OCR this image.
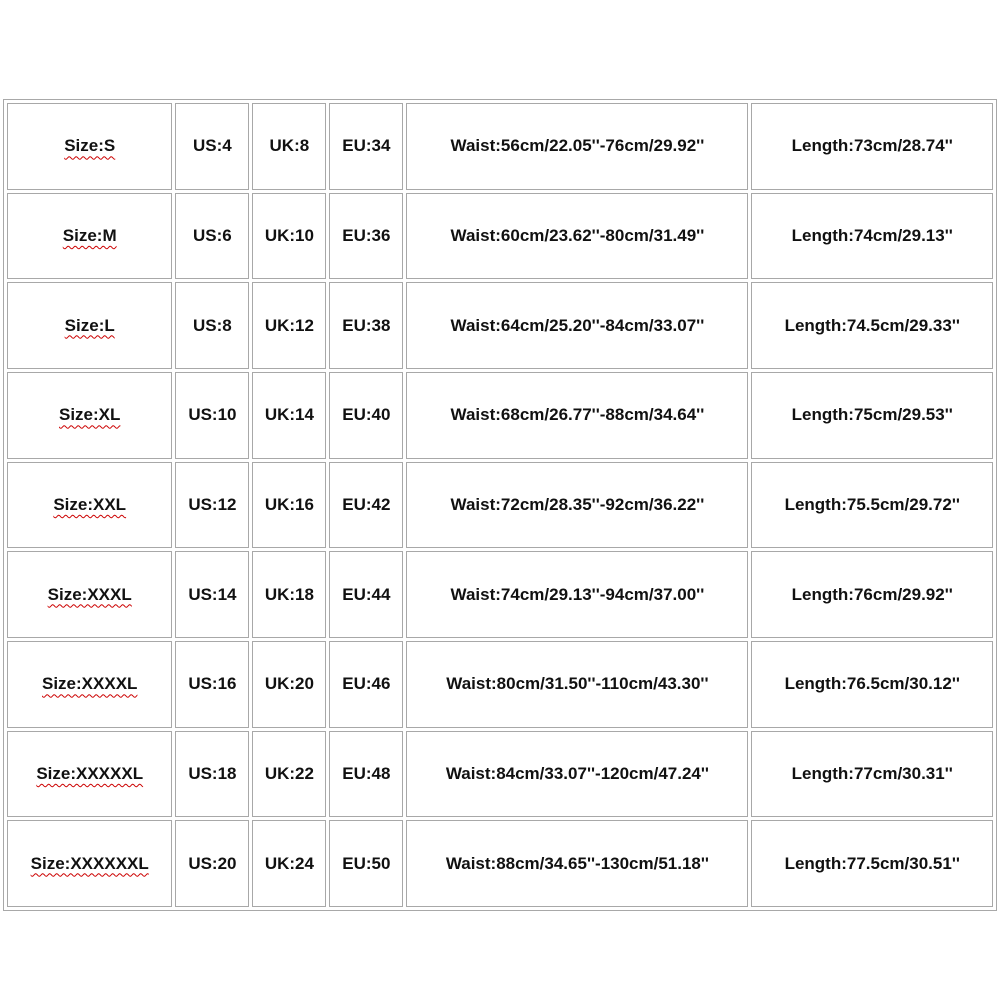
Size:S	US:4	UK:8	EU:34	Waist:56cm/22.05''-76cm/29.92''	Length:73cm/28.74''
Size:M	US:6	UK:10	EU:36	Waist:60cm/23.62''-80cm/31.49''	Length:74cm/29.13''
Size:L	US:8	UK:12	EU:38	Waist:64cm/25.20''-84cm/33.07''	Length:74.5cm/29.33''
Size:XL	US:10	UK:14	EU:40	Waist:68cm/26.77''-88cm/34.64''	Length:75cm/29.53''
Size:XXL	US:12	UK:16	EU:42	Waist:72cm/28.35''-92cm/36.22''	Length:75.5cm/29.72''
Size:XXXL	US:14	UK:18	EU:44	Waist:74cm/29.13''-94cm/37.00''	Length:76cm/29.92''
Size:XXXXL	US:16	UK:20	EU:46	Waist:80cm/31.50''-110cm/43.30''	Length:76.5cm/30.12''
Size:XXXXXL	US:18	UK:22	EU:48	Waist:84cm/33.07''-120cm/47.24''	Length:77cm/30.31''
Size:XXXXXXL	US:20	UK:24	EU:50	Waist:88cm/34.65''-130cm/51.18''	Length:77.5cm/30.51''
